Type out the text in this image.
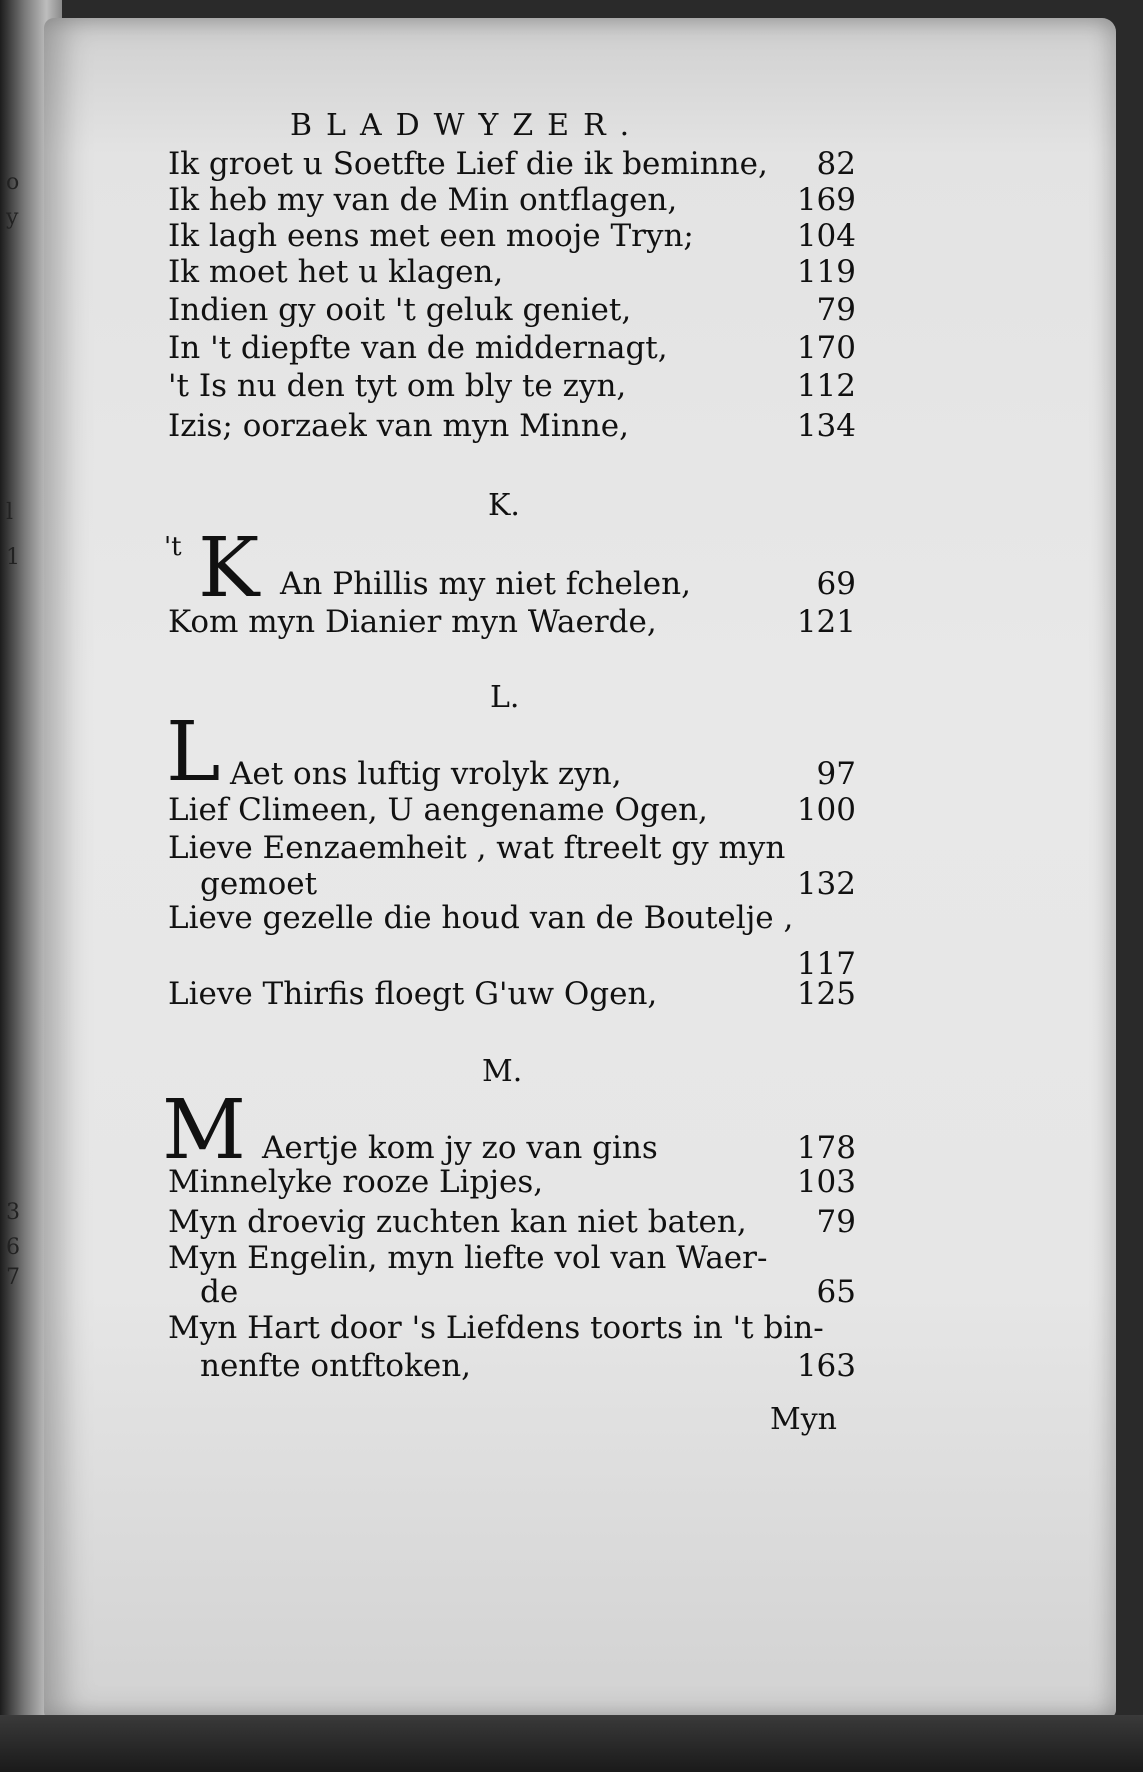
o
y
l
1
3
6
7
BLADWYZER.
Ik groet u Soetfte Lief die ik beminne, 82
Ik heb my van de Min ontflagen,	169
Ik lagh eens met een mooje Tryn;	104
Ik moet het u klagen,	119
Indien gy ooit 't geluk geniet,	79
In 't diepfte van de middernagt,	170
't Is nu den tyt om bly te zyn,	112
Izis; oorzaek van myn Minne,	134
K.
't K An Phillis my niet fchelen,	69
Kom myn Dianier myn Waerde,	121
L.
L Aet ons luftig vrolyk zyn,	97
Lief Climeen, U aengename Ogen,	100
Lieve Eenzaemheit , wat ftreelt gy myn
gemoet	132
Lieve gezelle die houd van de Boutelje ,
117
Lieve Thirfis floegt G'uw Ogen,	125
M.
M Aertje kom jy zo van gins	178
Minnelyke rooze Lipjes,	103
Myn droevig zuchten kan niet baten, 79
Myn Engelin, myn liefte vol van Waer-
de	65
Myn Hart door 's Liefdens toorts in 't bin-
nenfte ontftoken,	163
Myn
